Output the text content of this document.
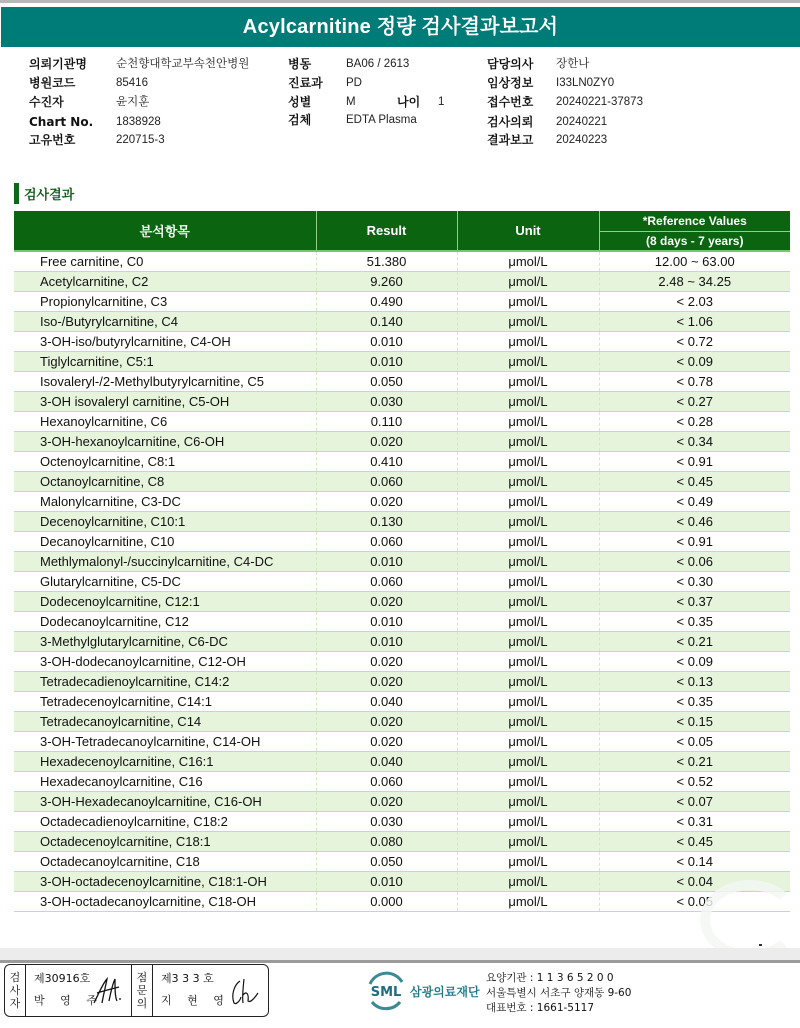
Acylcarnitine 정량 검사결과보고서
의뢰기관명	순천향대학교부속천안병원
병원코드	85416
수진자	윤지훈
Chart No. 1838928
고유번호	220715-3
병동	BA06 / 2613
진료과 PD
성별	M	나이 1
검체	EDTA Plasma
담당의사 장한나
임상정보 I33LN0ZY0
접수번호 20240221-37873
검사의뢰 20240221
결과보고 20240223
검사결과
분석항목	Result	Unit	*Reference Values
			(8 days - 7 years)
Free carnitine, C0	51.380	μmol/L	12.00 ~ 63.00
Acetylcarnitine, C2	9.260	μmol/L	2.48 ~ 34.25
Propionylcarnitine, C3	0.490	μmol/L	< 2.03
Iso-/Butyrylcarnitine, C4	0.140	μmol/L	< 1.06
3-OH-iso/butyrylcarnitine, C4-OH	0.010	μmol/L	< 0.72
Tiglylcarnitine, C5:1	0.010	μmol/L	< 0.09
Isovaleryl-/2-Methylbutyrylcarnitine, C5	0.050	μmol/L	< 0.78
3-OH isovaleryl carnitine, C5-OH	0.030	μmol/L	< 0.27
Hexanoylcarnitine, C6	0.110	μmol/L	< 0.28
3-OH-hexanoylcarnitine, C6-OH	0.020	μmol/L	< 0.34
Octenoylcarnitine, C8:1	0.410	μmol/L	< 0.91
Octanoylcarnitine, C8	0.060	μmol/L	< 0.45
Malonylcarnitine, C3-DC	0.020	μmol/L	< 0.49
Decenoylcarnitine, C10:1	0.130	μmol/L	< 0.46
Decanoylcarnitine, C10	0.060	μmol/L	< 0.91
Methlymalonyl-/succinylcarnitine, C4-DC	0.010	μmol/L	< 0.06
Glutarylcarnitine, C5-DC	0.060	μmol/L	< 0.30
Dodecenoylcarnitine, C12:1	0.020	μmol/L	< 0.37
Dodecanoylcarnitine, C12	0.010	μmol/L	< 0.35
3-Methylglutarylcarnitine, C6-DC	0.010	μmol/L	< 0.21
3-OH-dodecanoylcarnitine, C12-OH	0.020	μmol/L	< 0.09
Tetradecadienoylcarnitine, C14:2	0.020	μmol/L	< 0.13
Tetradecenoylcarnitine, C14:1	0.040	μmol/L	< 0.35
Tetradecanoylcarnitine, C14	0.020	μmol/L	< 0.15
3-OH-Tetradecanoylcarnitine, C14-OH	0.020	μmol/L	< 0.05
Hexadecenoylcarnitine, C16:1	0.040	μmol/L	< 0.21
Hexadecanoylcarnitine, C16	0.060	μmol/L	< 0.52
3-OH-Hexadecanoylcarnitine, C16-OH	0.020	μmol/L	< 0.07
Octadecadienoylcarnitine, C18:2	0.030	μmol/L	< 0.31
Octadecenoylcarnitine, C18:1	0.080	μmol/L	< 0.45
Octadecanoylcarnitine, C18	0.050	μmol/L	< 0.14
3-OH-octadecenoylcarnitine, C18:1-OH	0.010	μmol/L	< 0.04
3-OH-octadecanoylcarnitine, C18-OH	0.000	μmol/L	< 0.05
검
사
자
제30916호
박 영 주
점
문
의
제3 3 3 호
지 현 영
SML 삼광의료재단
요양기관 : 1 1 3 6 5 2 0 0
서울특별시 서초구 양재동 9-60
대표번호 : 1661-5117
